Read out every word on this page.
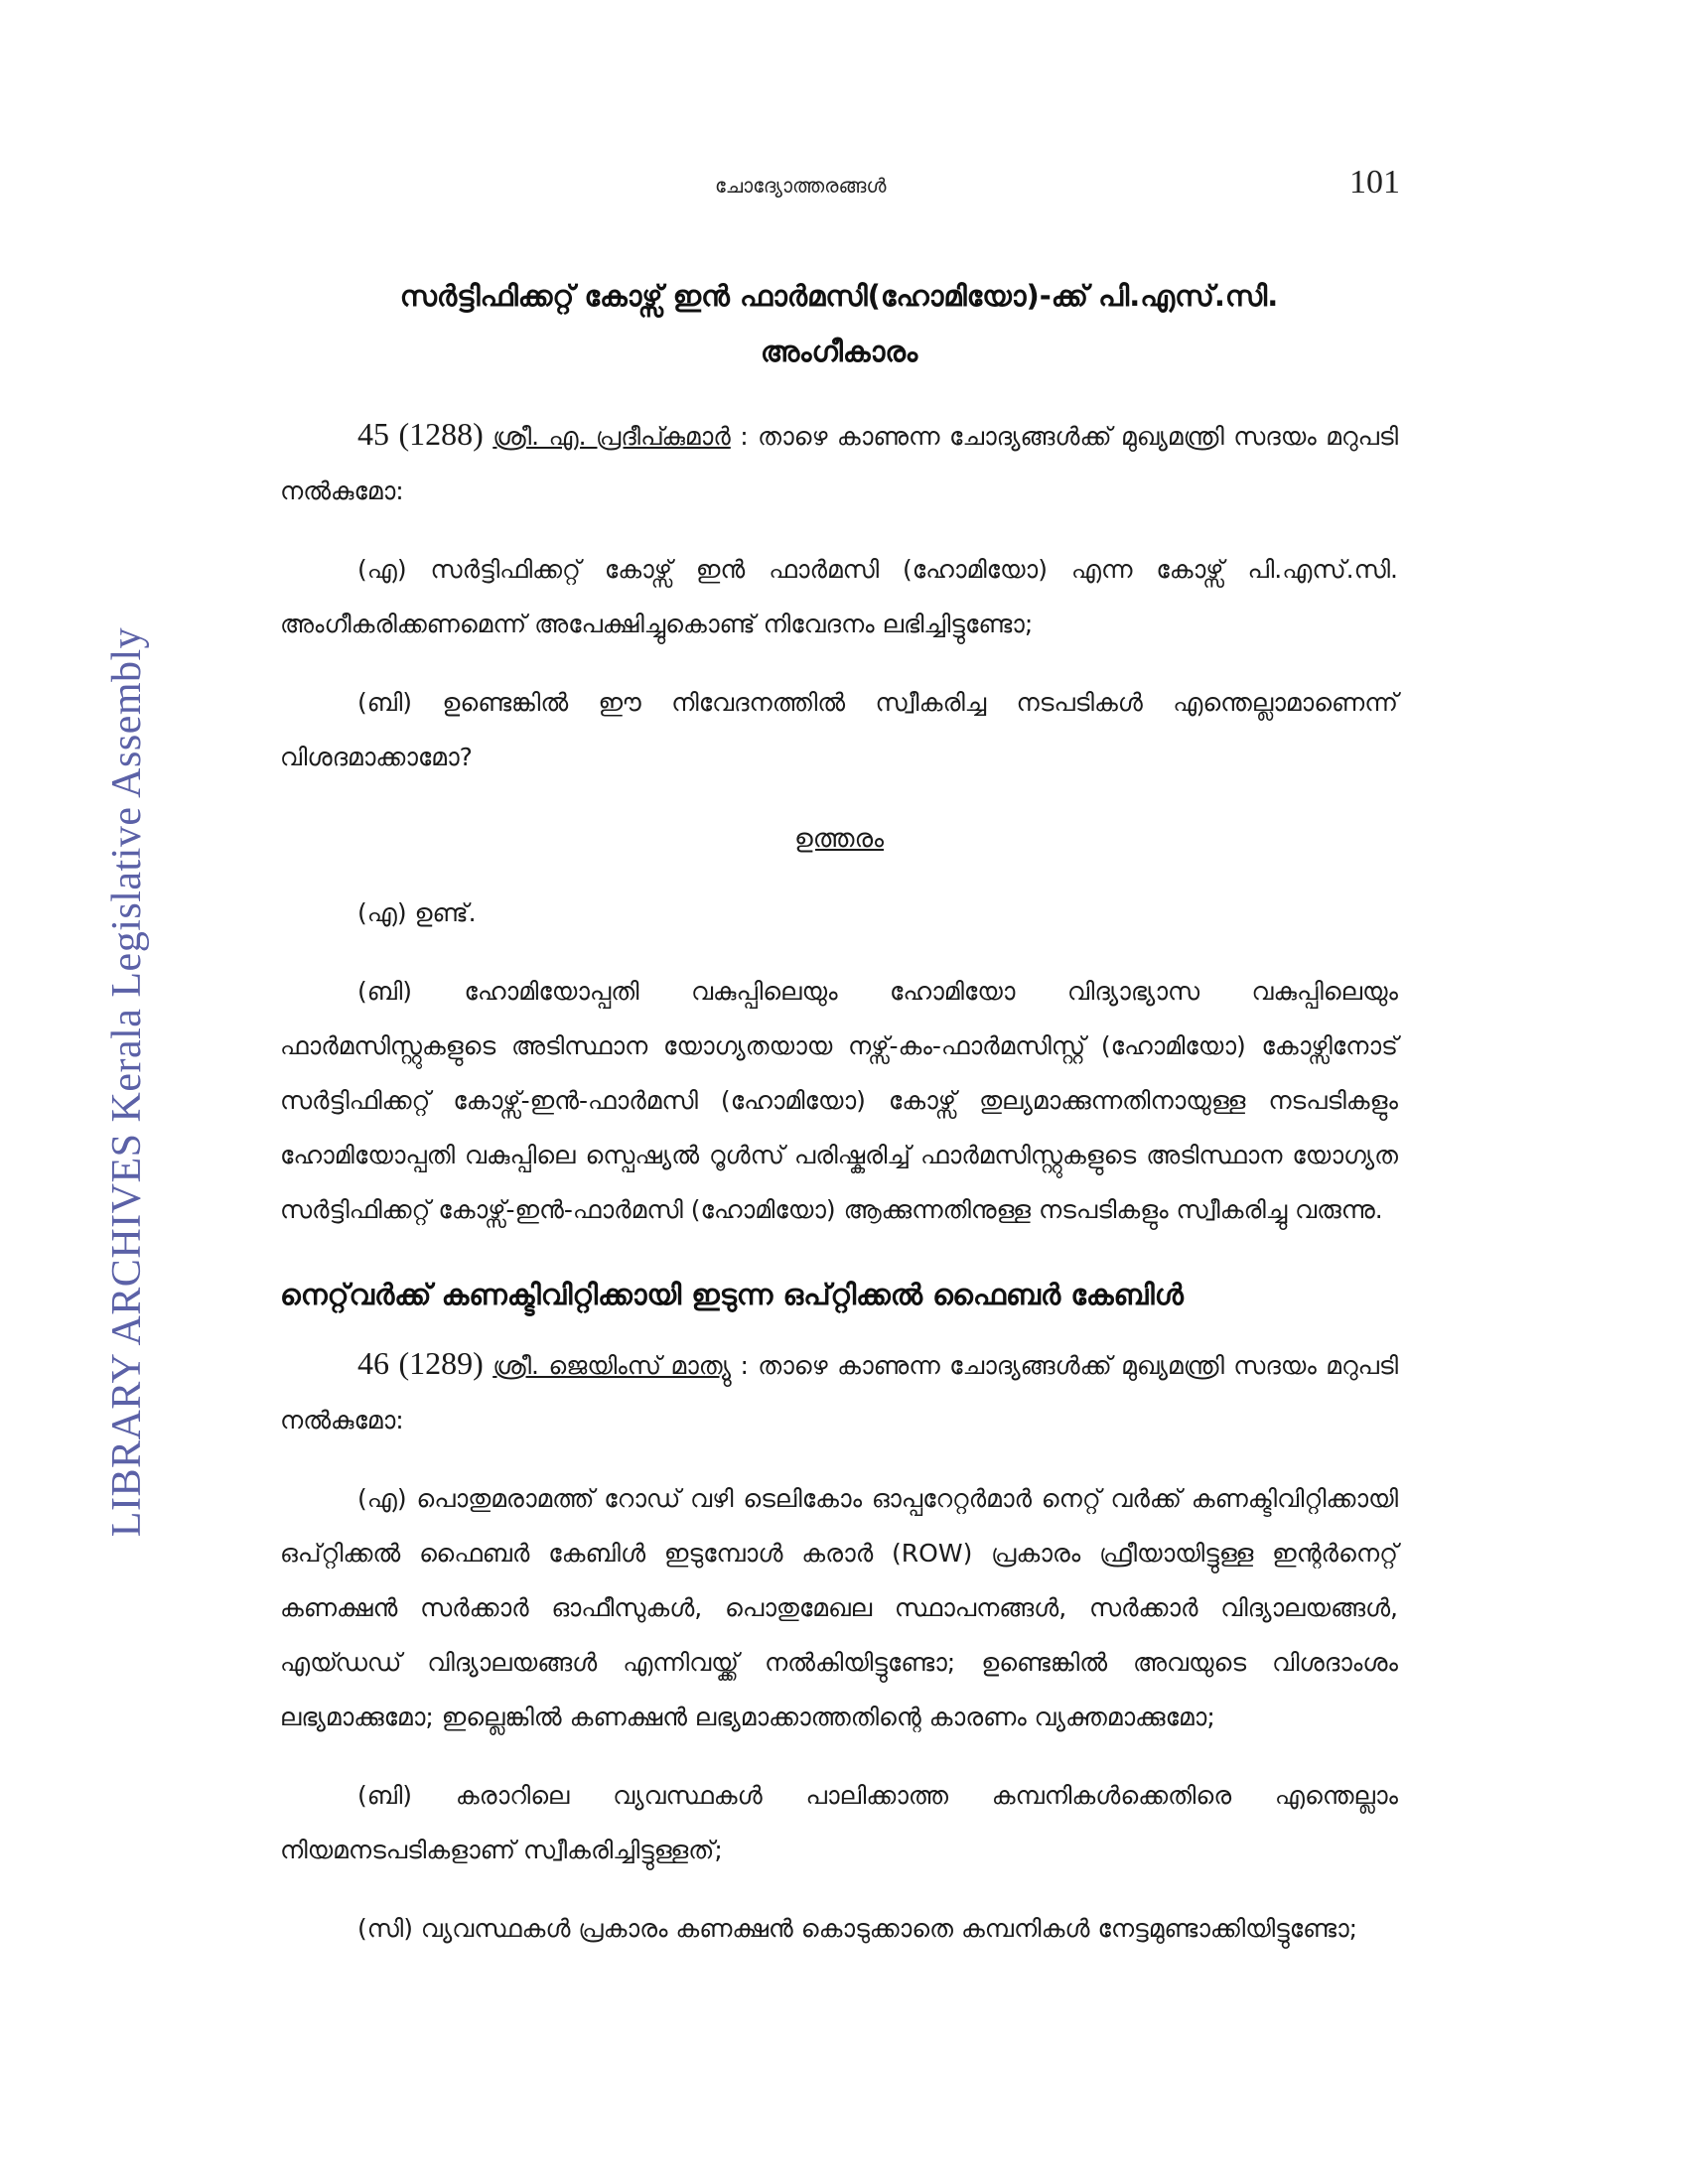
LIBRARY ARCHIVES Kerala Legislative Assembly
ചോദ്യോത്തരങ്ങൾ	101
സർട്ടിഫിക്കറ്റ് കോഴ്സ് ഇൻ ഫാർമസി(ഹോമിയോ)-ക്ക് പി.എസ്.സി.
അംഗീകാരം

45 (1288) ശ്രീ. എ. പ്രദീപ്കുമാർ : താഴെ കാണുന്ന ചോദ്യങ്ങൾക്ക് മുഖ്യമന്ത്രി സദയം മറുപടി നൽകുമോ:

(എ) സർട്ടിഫിക്കറ്റ് കോഴ്സ് ഇൻ ഫാർമസി (ഹോമിയോ) എന്ന കോഴ്സ് പി.എസ്.സി. അംഗീകരിക്കണമെന്ന് അപേക്ഷിച്ചുകൊണ്ട് നിവേദനം ലഭിച്ചിട്ടുണ്ടോ;

(ബി) ഉണ്ടെങ്കിൽ ഈ നിവേദനത്തിൽ സ്വീകരിച്ച നടപടികൾ എന്തെല്ലാമാണെന്ന് വിശദമാക്കാമോ?

ഉത്തരം

(എ) ഉണ്ട്.

(ബി) ഹോമിയോപ്പതി വകുപ്പിലെയും ഹോമിയോ വിദ്യാഭ്യാസ വകുപ്പിലെയും ഫാർമസിസ്റ്റുകളുടെ അടിസ്ഥാന യോഗ്യതയായ നഴ്സ്-കം-ഫാർമസിസ്റ്റ് (ഹോമിയോ) കോഴ്സിനോട് സർട്ടിഫിക്കറ്റ് കോഴ്സ്-ഇൻ-ഫാർമസി (ഹോമിയോ) കോഴ്സ് തുല്യമാക്കുന്നതിനായുള്ള നടപടികളും ഹോമിയോപ്പതി വകുപ്പിലെ സ്പെഷ്യൽ റൂൾസ് പരിഷ്കരിച്ച് ഫാർമസിസ്റ്റുകളുടെ അടിസ്ഥാന യോഗ്യത സർട്ടിഫിക്കറ്റ് കോഴ്സ്-ഇൻ-ഫാർമസി (ഹോമിയോ) ആക്കുന്നതിനുള്ള നടപടികളും സ്വീകരിച്ചു വരുന്നു.

നെറ്റ്‌വർക്ക് കണക്ടിവിറ്റിക്കായി ഇടുന്ന ഒപ്റ്റിക്കൽ ഫൈബർ കേബിൾ

46 (1289) ശ്രീ. ജെയിംസ് മാത്യു : താഴെ കാണുന്ന ചോദ്യങ്ങൾക്ക് മുഖ്യമന്ത്രി സദയം മറുപടി നൽകുമോ:

(എ) പൊതുമരാമത്ത് റോഡ് വഴി ടെലികോം ഓപ്പറേറ്റർമാർ നെറ്റ് വർക്ക് കണക്ടിവിറ്റിക്കായി ഒപ്റ്റിക്കൽ ഫൈബർ കേബിൾ ഇടുമ്പോൾ കരാർ (ROW) പ്രകാരം ഫ്രീയായിട്ടുള്ള ഇന്റർനെറ്റ് കണക്ഷൻ സർക്കാർ ഓഫീസുകൾ, പൊതുമേഖല സ്ഥാപനങ്ങൾ, സർക്കാർ വിദ്യാലയങ്ങൾ, എയ്ഡഡ് വിദ്യാലയങ്ങൾ എന്നിവയ്ക്ക് നൽകിയിട്ടുണ്ടോ; ഉണ്ടെങ്കിൽ അവയുടെ വിശദാംശം ലഭ്യമാക്കുമോ; ഇല്ലെങ്കിൽ കണക്ഷൻ ലഭ്യമാക്കാത്തതിന്റെ കാരണം വ്യക്തമാക്കുമോ;

(ബി) കരാറിലെ വ്യവസ്ഥകൾ പാലിക്കാത്ത കമ്പനികൾക്കെതിരെ എന്തെല്ലാം നിയമനടപടികളാണ് സ്വീകരിച്ചിട്ടുള്ളത്;

(സി) വ്യവസ്ഥകൾ പ്രകാരം കണക്ഷൻ കൊടുക്കാതെ കമ്പനികൾ നേട്ടമുണ്ടാക്കിയിട്ടുണ്ടോ;
